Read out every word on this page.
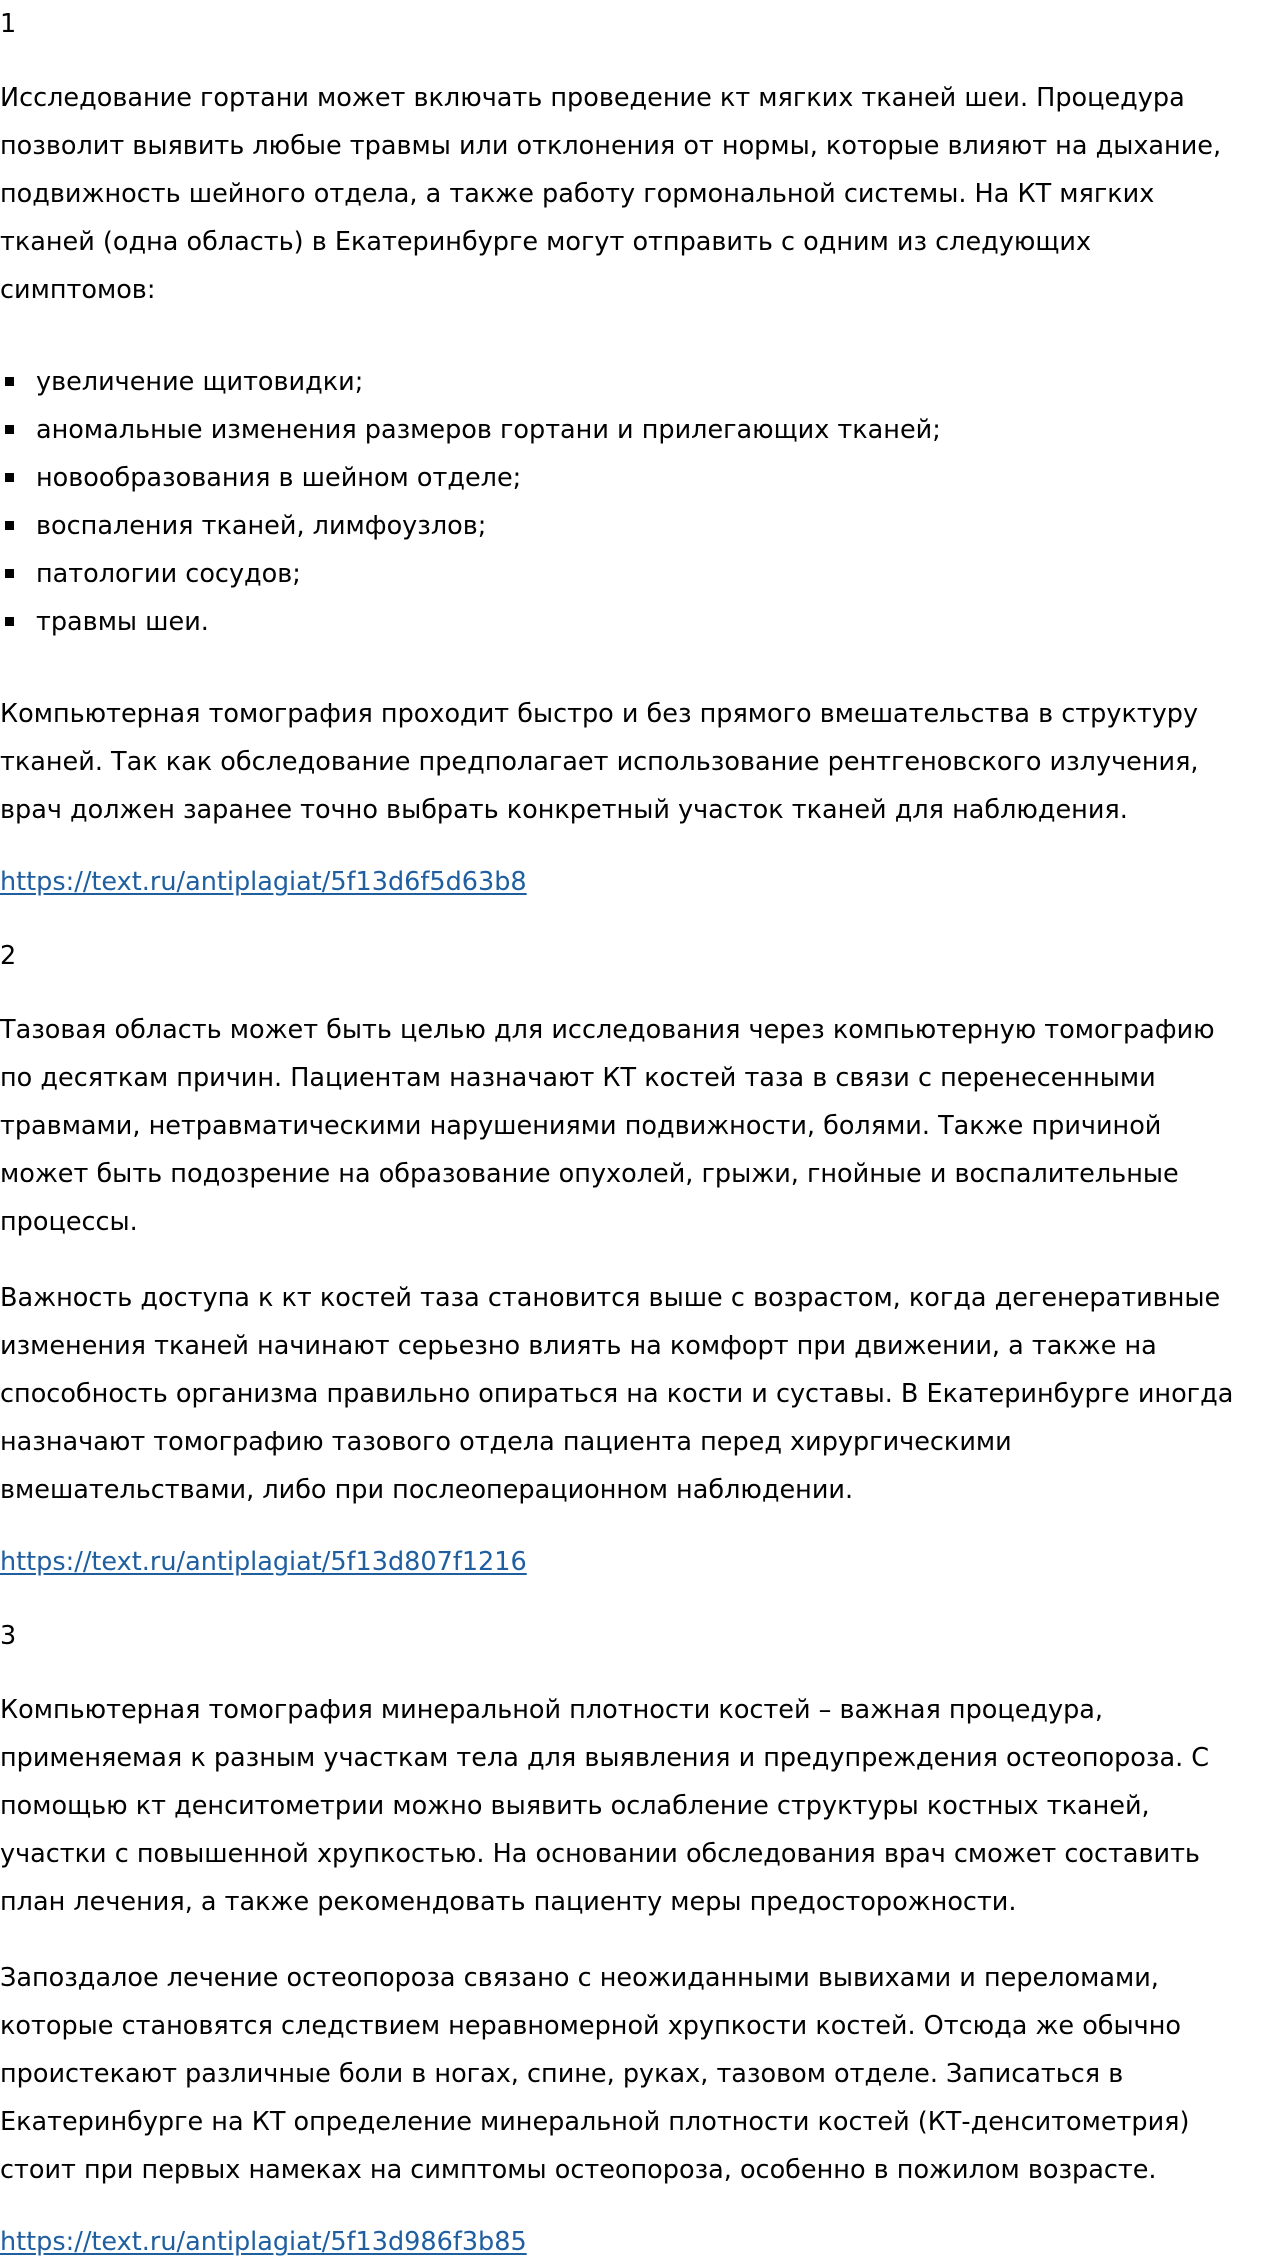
1

Исследование гортани может включать проведение кт мягких тканей шеи. Процедура
позволит выявить любые травмы или отклонения от нормы, которые влияют на дыхание,
подвижность шейного отдела, а также работу гормональной системы. На КТ мягких
тканей (одна область) в Екатеринбурге могут отправить с одним из следующих
симптомов:

увеличение щитовидки;
аномальные изменения размеров гортани и прилегающих тканей;
новообразования в шейном отделе;
воспаления тканей, лимфоузлов;
патологии сосудов;
травмы шеи.

Компьютерная томография проходит быстро и без прямого вмешательства в структуру
тканей. Так как обследование предполагает использование рентгеновского излучения,
врач должен заранее точно выбрать конкретный участок тканей для наблюдения.

https://text.ru/antiplagiat/5f13d6f5d63b8
2

Тазовая область может быть целью для исследования через компьютерную томографию
по десяткам причин. Пациентам назначают КТ костей таза в связи с перенесенными
травмами, нетравматическими нарушениями подвижности, болями. Также причиной
может быть подозрение на образование опухолей, грыжи, гнойные и воспалительные
процессы.

Важность доступа к кт костей таза становится выше с возрастом, когда дегенеративные
изменения тканей начинают серьезно влиять на комфорт при движении, а также на
способность организма правильно опираться на кости и суставы. В Екатеринбурге иногда
назначают томографию тазового отдела пациента перед хирургическими
вмешательствами, либо при послеоперационном наблюдении.

https://text.ru/antiplagiat/5f13d807f1216
3

Компьютерная томография минеральной плотности костей – важная процедура,
применяемая к разным участкам тела для выявления и предупреждения остеопороза. С
помощью кт денситометрии можно выявить ослабление структуры костных тканей,
участки с повышенной хрупкостью. На основании обследования врач сможет составить
план лечения, а также рекомендовать пациенту меры предосторожности.

Запоздалое лечение остеопороза связано с неожиданными вывихами и переломами,
которые становятся следствием неравномерной хрупкости костей. Отсюда же обычно
проистекают различные боли в ногах, спине, руках, тазовом отделе. Записаться в
Екатеринбурге на КТ определение минеральной плотности костей (КТ-денситометрия)
стоит при первых намеках на симптомы остеопороза, особенно в пожилом возрасте.

https://text.ru/antiplagiat/5f13d986f3b85
